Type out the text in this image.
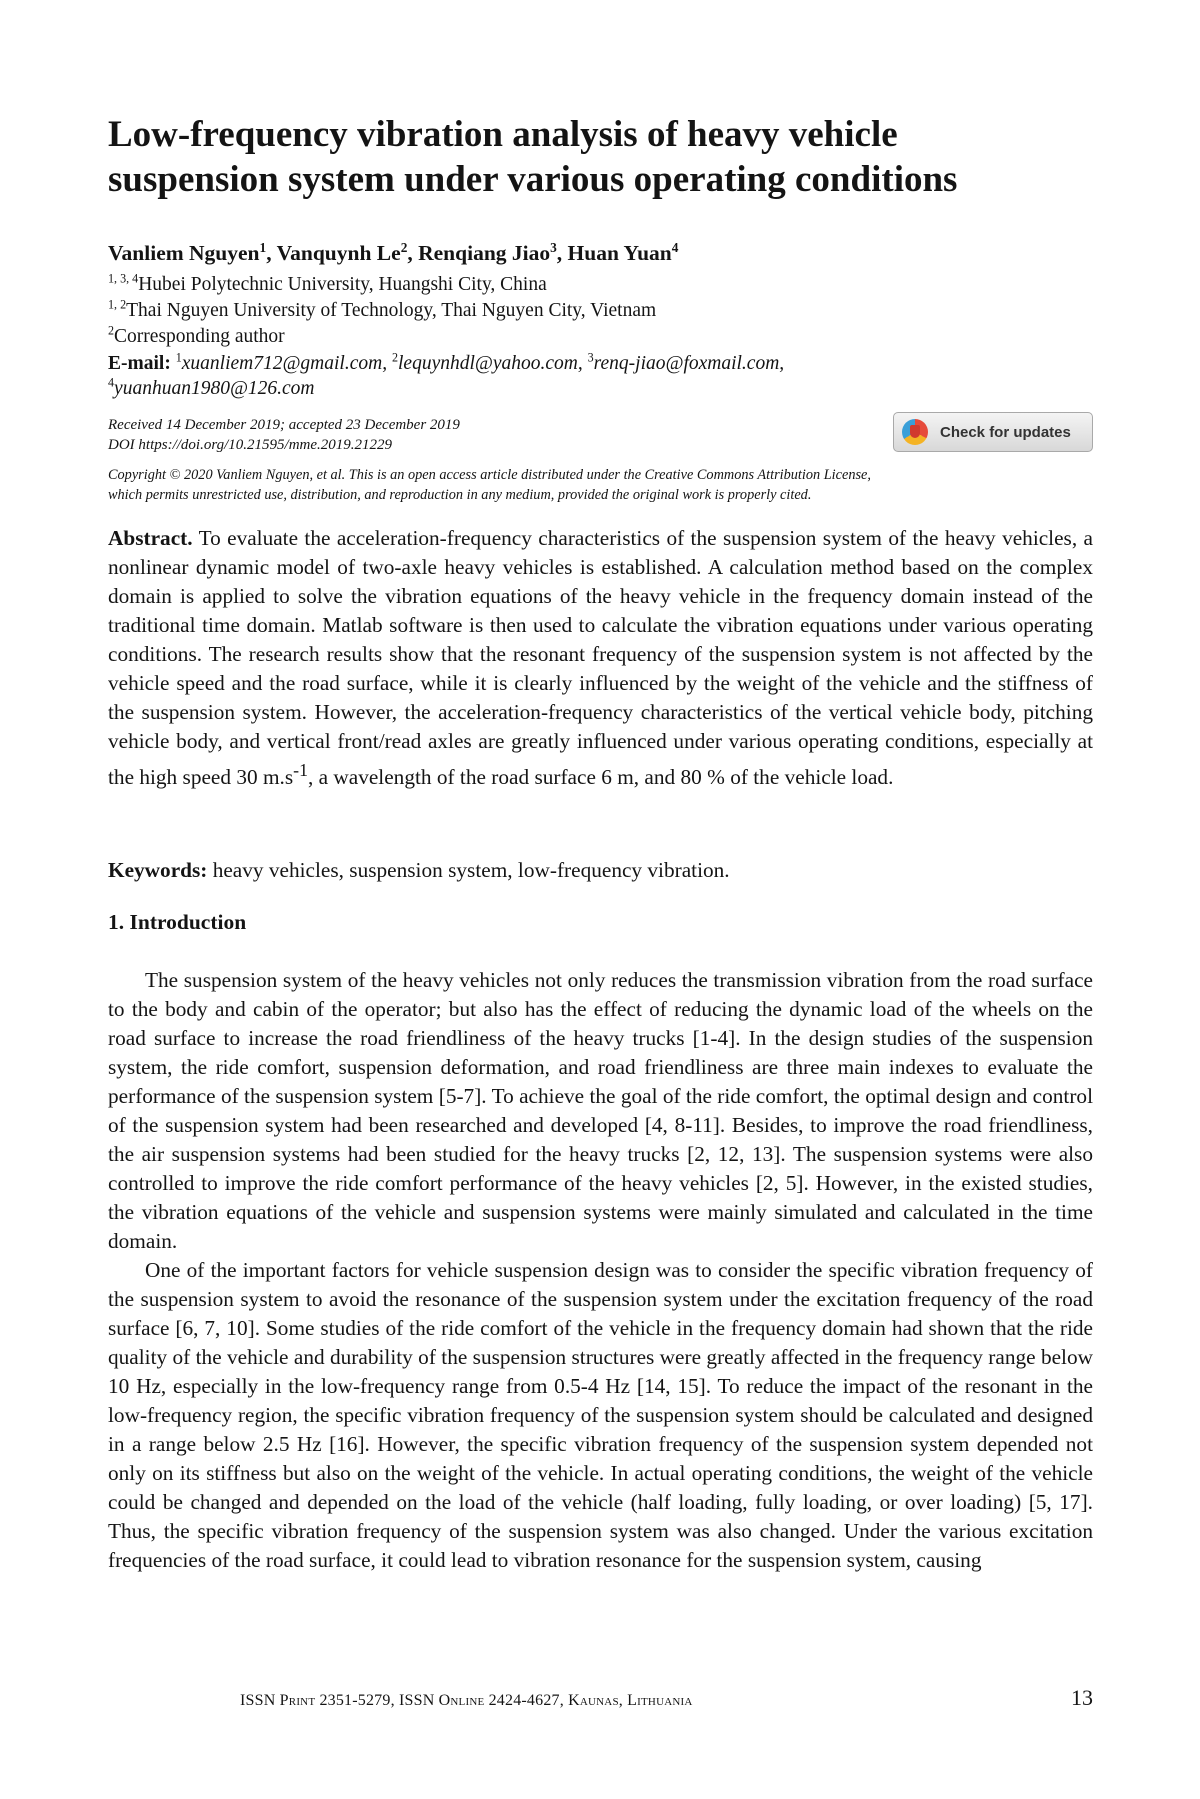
Low-frequency vibration analysis of heavy vehicle
suspension system under various operating conditions
Vanliem Nguyen$^1$, Vanquynh Le$^2$, Renqiang Jiao$^3$, Huan Yuan$^4$
$^{1, 3, 4}$Hubei Polytechnic University, Huangshi City, China
$^{1, 2}$Thai Nguyen University of Technology, Thai Nguyen City, Vietnam
$^2$Corresponding author
E-mail: $^1$xuanliem712@gmail.com, $^2$lequynhdl@yahoo.com, $^3$renq-jiao@foxmail.com,
$^4$yuanhuan1980@126.com
Received 14 December 2019; accepted 23 December 2019
DOI https://doi.org/10.21595/mme.2019.21229
Check for updates
Copyright © 2020 Vanliem Nguyen, et al. This is an open access article distributed under the Creative Commons Attribution License,
which permits unrestricted use, distribution, and reproduction in any medium, provided the original work is properly cited.

Abstract. To evaluate the acceleration-frequency characteristics of the suspension system of the heavy vehicles, a nonlinear dynamic model of two-axle heavy vehicles is established. A calculation method based on the complex domain is applied to solve the vibration equations of the heavy vehicle in the frequency domain instead of the traditional time domain. Matlab software is then used to calculate the vibration equations under various operating conditions. The research results show that the resonant frequency of the suspension system is not affected by the vehicle speed and the road surface, while it is clearly influenced by the weight of the vehicle and the stiffness of the suspension system. However, the acceleration-frequency characteristics of the vertical vehicle body, pitching vehicle body, and vertical front/read axles are greatly influenced under various operating conditions, especially at the high speed 30 $m.s^{-1}$, a wavelength of the road surface 6 m, and 80 % of the vehicle load.

Keywords: heavy vehicles, suspension system, low-frequency vibration.
1. Introduction

The suspension system of the heavy vehicles not only reduces the transmission vibration from the road surface to the body and cabin of the operator; but also has the effect of reducing the dynamic load of the wheels on the road surface to increase the road friendliness of the heavy trucks [1-4]. In the design studies of the suspension system, the ride comfort, suspension deformation, and road friendliness are three main indexes to evaluate the performance of the suspension system [5-7]. To achieve the goal of the ride comfort, the optimal design and control of the suspension system had been researched and developed [4, 8-11]. Besides, to improve the road friendliness, the air suspension systems had been studied for the heavy trucks [2, 12, 13]. The suspension systems were also controlled to improve the ride comfort performance of the heavy vehicles [2, 5]. However, in the existed studies, the vibration equations of the vehicle and suspension systems were mainly simulated and calculated in the time domain.

One of the important factors for vehicle suspension design was to consider the specific vibration frequency of the suspension system to avoid the resonance of the suspension system under the excitation frequency of the road surface [6, 7, 10]. Some studies of the ride comfort of the vehicle in the frequency domain had shown that the ride quality of the vehicle and durability of the suspension structures were greatly affected in the frequency range below 10 Hz, especially in the low-frequency range from 0.5-4 Hz [14, 15]. To reduce the impact of the resonant in the low-frequency region, the specific vibration frequency of the suspension system should be calculated and designed in a range below 2.5 Hz [16]. However, the specific vibration frequency of the suspension system depended not only on its stiffness but also on the weight of the vehicle. In actual operating conditions, the weight of the vehicle could be changed and depended on the load of the vehicle (half loading, fully loading, or over loading) [5, 17]. Thus, the specific vibration frequency of the suspension system was also changed. Under the various excitation frequencies of the road surface, it could lead to vibration resonance for the suspension system, causing

ISSN Print 2351-5279, ISSN Online 2424-4627, Kaunas, Lithuania	13
